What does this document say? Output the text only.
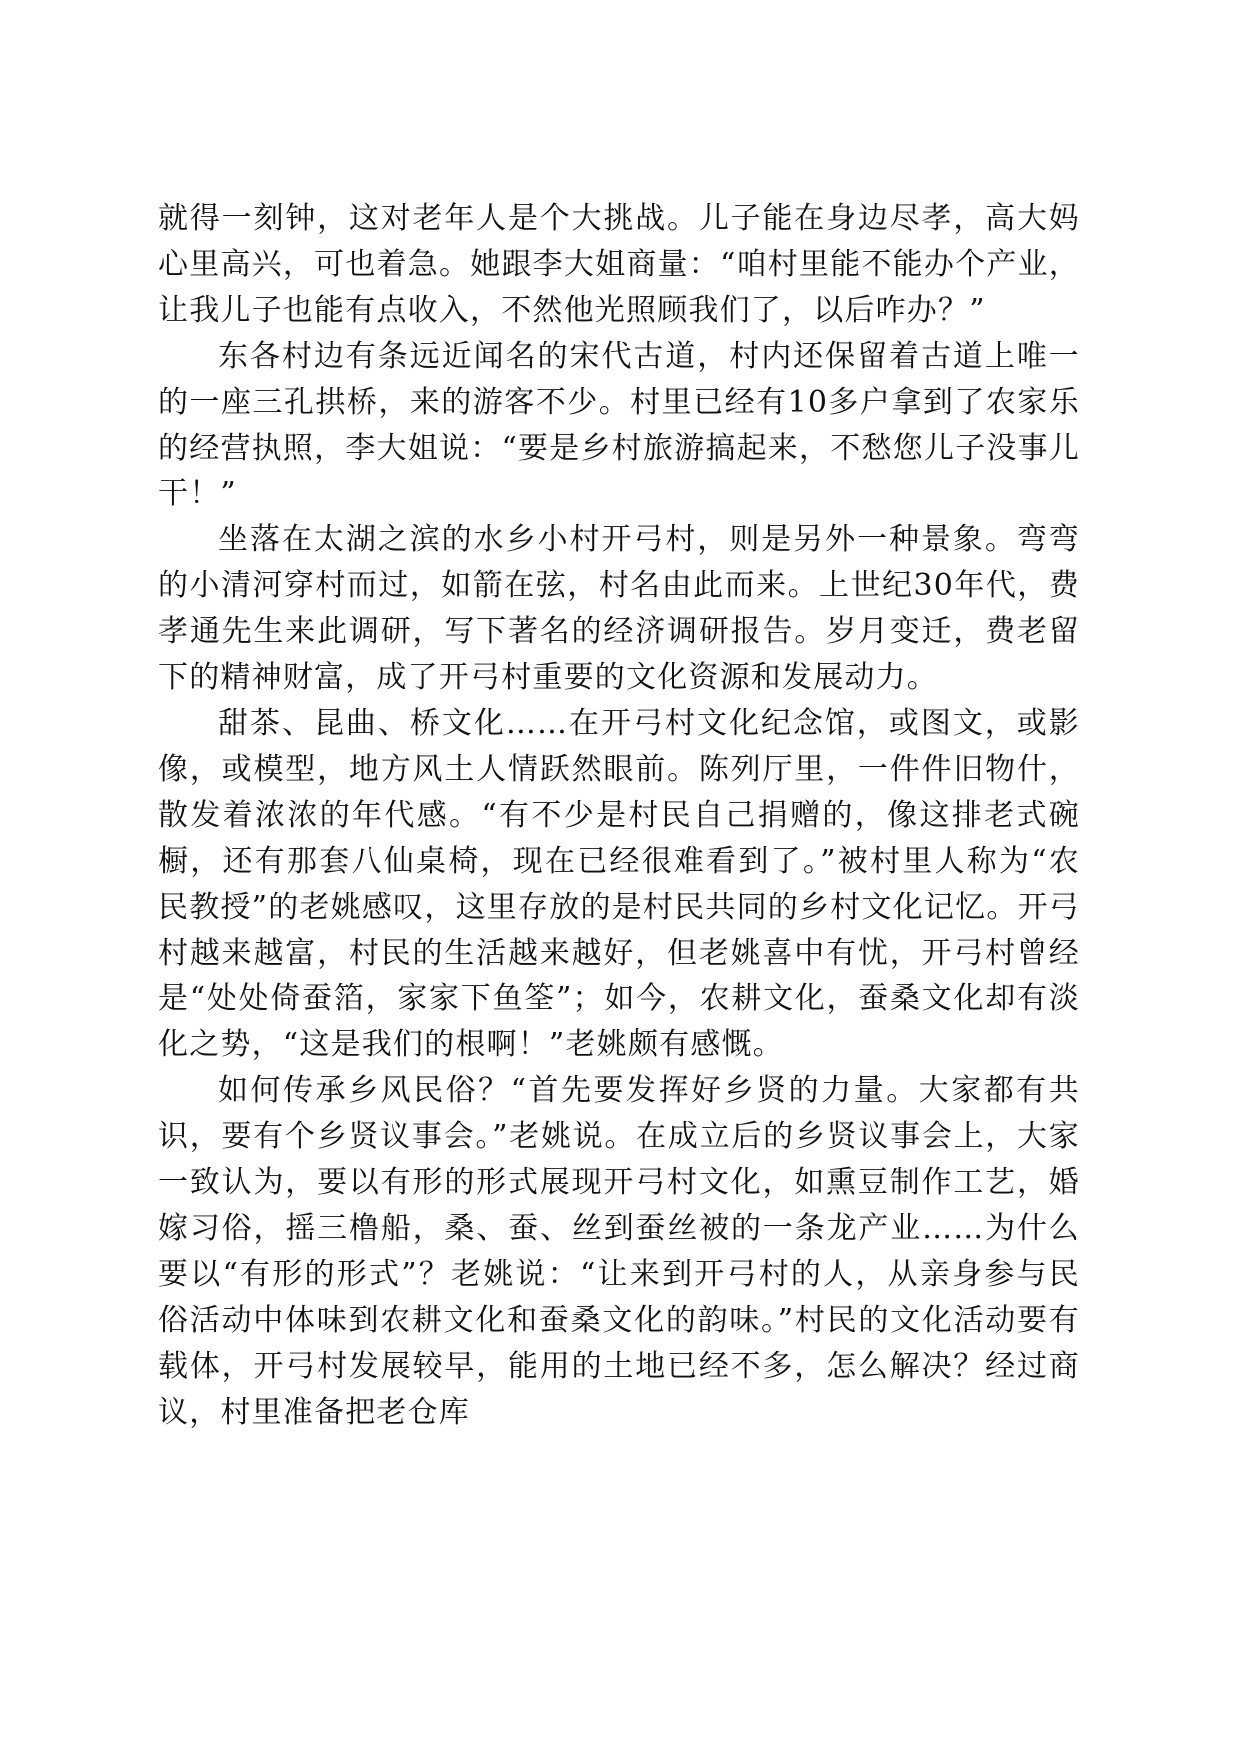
就得一刻钟，这对老年人是个大挑战。儿子能在身边尽孝，高大妈心里高兴，可也着急。她跟李大姐商量：“咱村里能不能办个产业，让我儿子也能有点收入，不然他光照顾我们了，以后咋办？”

东各村边有条远近闻名的宋代古道，村内还保留着古道上唯一的一座三孔拱桥，来的游客不少。村里已经有10多户拿到了农家乐的经营执照，李大姐说：“要是乡村旅游搞起来，不愁您儿子没事儿干！”

坐落在太湖之滨的水乡小村开弓村，则是另外一种景象。弯弯的小清河穿村而过，如箭在弦，村名由此而来。上世纪30年代，费孝通先生来此调研，写下著名的经济调研报告。岁月变迁，费老留下的精神财富，成了开弓村重要的文化资源和发展动力。

甜茶、昆曲、桥文化……在开弓村文化纪念馆，或图文，或影像，或模型，地方风土人情跃然眼前。陈列厅里，一件件旧物什，散发着浓浓的年代感。“有不少是村民自己捐赠的，像这排老式碗橱，还有那套八仙桌椅，现在已经很难看到了。”被村里人称为“农民教授”的老姚感叹，这里存放的是村民共同的乡村文化记忆。开弓村越来越富，村民的生活越来越好，但老姚喜中有忧，开弓村曾经是“处处倚蚕箔，家家下鱼筌”；如今，农耕文化，蚕桑文化却有淡化之势，“这是我们的根啊！”老姚颇有感慨。

如何传承乡风民俗？“首先要发挥好乡贤的力量。大家都有共识，要有个乡贤议事会。”老姚说。在成立后的乡贤议事会上，大家一致认为，要以有形的形式展现开弓村文化，如熏豆制作工艺，婚嫁习俗，摇三橹船，桑、蚕、丝到蚕丝被的一条龙产业……为什么要以“有形的形式”？老姚说：“让来到开弓村的人，从亲身参与民俗活动中体味到农耕文化和蚕桑文化的韵味。”村民的文化活动要有载体，开弓村发展较早，能用的土地已经不多，怎么解决？经过商议，村里准备把老仓库
